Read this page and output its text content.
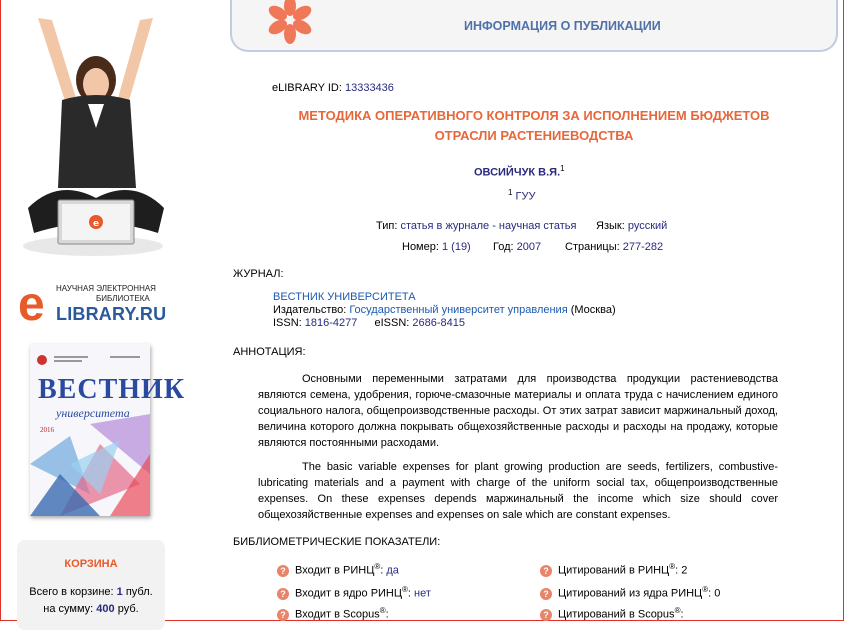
e
e	НАУЧНАЯ ЭЛЕКТРОННАЯ
БИБЛИОТЕКА
LIBRARY.RU
ВЕСТНИК
университета
2016
КОРЗИНА
Всего в корзине: 1 публ.
на сумму: 400 руб.
ИНФОРМАЦИЯ О ПУБЛИКАЦИИ
eLIBRARY ID: 13333436
МЕТОДИКА ОПЕРАТИВНОГО КОНТРОЛЯ ЗА ИСПОЛНЕНИЕМ БЮДЖЕТОВ
ОТРАСЛИ РАСТЕНИЕВОДСТВА
ОВСИЙЧУК В.Я.$^1$
$^1$ ГУУ
Тип: статья в журнале - научная статья Язык: русский
Номер: 1 (19) Год: 2007 Страницы: 277-282
ЖУРНАЛ:
ВЕСТНИК УНИВЕРСИТЕТА
Издательство: Государственный университет управления (Москва)
ISSN: 1816-4277 eISSN: 2686-8415
АННОТАЦИЯ:

Основными переменными затратами для производства продукции растениеводства являются семена, удобрения, горюче-смазочные материалы и оплата труда с начислением единого социального налога, общепроизводственные расходы. От этих затрат зависит маржинальный доход, величина которого должна покрывать общехозяйственные расходы и расходы на продажу, которые являются постоянными расходами.

The basic variable expenses for plant growing production are seeds, fertilizers, combustive-lubricating materials and a payment with charge of the uniform social tax, общепроизводственные expenses. On these expenses depends маржинальный the income which size should cover общехозяйственные expenses and expenses on sale which are constant expenses.

БИБЛИОМЕТРИЧЕСКИЕ ПОКАЗАТЕЛИ:
? Входит в РИНЦ®: да
? Входит в ядро РИНЦ®: нет
? Входит в Scopus®:
? Цитирований в РИНЦ®: 2
? Цитирований из ядра РИНЦ®: 0
? Цитирований в Scopus®:
